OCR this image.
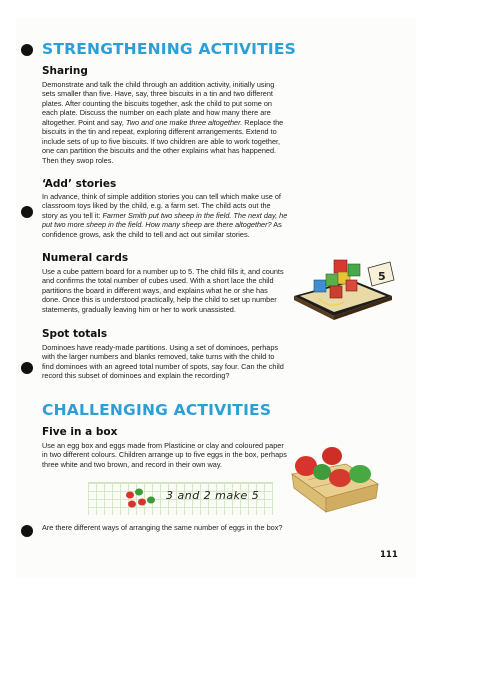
STRENGTHENING ACTIVITIES
Sharing

Demonstrate and talk the child through an addition activity, initially using sets smaller than five. Have, say, three biscuits in a tin and two different plates. After counting the biscuits together, ask the child to put some on each plate. Discuss the number on each plate and how many there are altogether. Point and say, Two and one make three altogether. Replace the biscuits in the tin and repeat, exploring different arrangements. Extend to include sets of up to five biscuits. If two children are able to work together, one can partition the biscuits and the other explains what has happened. Then they swop roles.

‘Add’ stories

In advance, think of simple addition stories you can tell which make use of classroom toys liked by the child, e.g. a farm set. The child acts out the story as you tell it: Farmer Smith put two sheep in the field. The next day, he put two more sheep in the field. How many sheep are there altogether? As confidence grows, ask the child to tell and act out similar stories.

Numeral cards

Use a cube pattern board for a number up to 5. The child fills it, and counts and confirms the total number of cubes used. With a short lace the child partitions the board in different ways, and explains what he or she has done. Once this is understood practically, help the child to set up number statements, gradually leaving him or her to work unassisted.

5
Spot totals

Dominoes have ready-made partitions. Using a set of dominoes, perhaps with the larger numbers and blanks removed, take turns with the child to find dominoes with an agreed total number of spots, say four. Can the child record this subset of dominoes and explain the recording?

CHALLENGING ACTIVITIES
Five in a box

Use an egg box and eggs made from Plasticine or clay and coloured paper in two different colours. Children arrange up to five eggs in the box, perhaps three white and two brown, and record in their own way.

3 and 2 make 5

Are there different ways of arranging the same number of eggs in the box?

111
